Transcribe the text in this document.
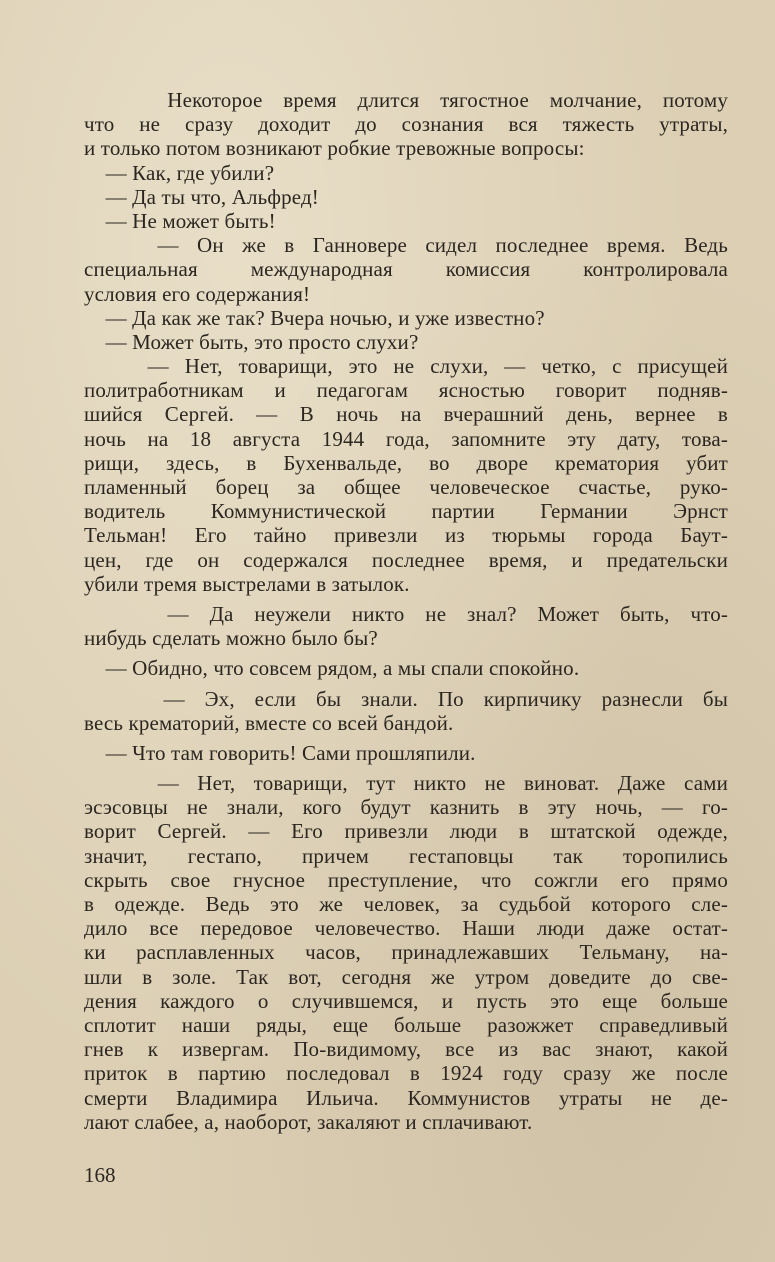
Некоторое время длится тягостное молчание, потому
что не сразу доходит до сознания вся тяжесть утраты,
и только потом возникают робкие тревожные вопросы:
— Как, где убили?
— Да ты что, Альфред!
— Не может быть!
— Он же в Ганновере сидел последнее время. Ведь
специальная международная комиссия контролировала
условия его содержания!
— Да как же так? Вчера ночью, и уже известно?
— Может быть, это просто слухи?
— Нет, товарищи, это не слухи, — четко, с присущей
политработникам и педагогам ясностью говорит подняв-
шийся Сергей. — В ночь на вчерашний день, вернее в
ночь на 18 августа 1944 года, запомните эту дату, това-
рищи, здесь, в Бухенвальде, во дворе крематория убит
пламенный борец за общее человеческое счастье, руко-
водитель Коммунистической партии Германии Эрнст
Тельман! Его тайно привезли из тюрьмы города Баут-
цен, где он содержался последнее время, и предательски
убили тремя выстрелами в затылок.
— Да неужели никто не знал? Может быть, что-
нибудь сделать можно было бы?
— Обидно, что совсем рядом, а мы спали спокойно.
— Эх, если бы знали. По кирпичику разнесли бы
весь крематорий, вместе со всей бандой.
— Что там говорить! Сами прошляпили.
— Нет, товарищи, тут никто не виноват. Даже сами
эсэсовцы не знали, кого будут казнить в эту ночь, — го-
ворит Сергей. — Его привезли люди в штатской одежде,
значит, гестапо, причем гестаповцы так торопились
скрыть свое гнусное преступление, что сожгли его прямо
в одежде. Ведь это же человек, за судьбой которого сле-
дило все передовое человечество. Наши люди даже остат-
ки расплавленных часов, принадлежавших Тельману, на-
шли в золе. Так вот, сегодня же утром доведите до све-
дения каждого о случившемся, и пусть это еще больше
сплотит наши ряды, еще больше разожжет справедливый
гнев к извергам. По-видимому, все из вас знают, какой
приток в партию последовал в 1924 году сразу же после
смерти Владимира Ильича. Коммунистов утраты не де-
лают слабее, а, наоборот, закаляют и сплачивают.
168
